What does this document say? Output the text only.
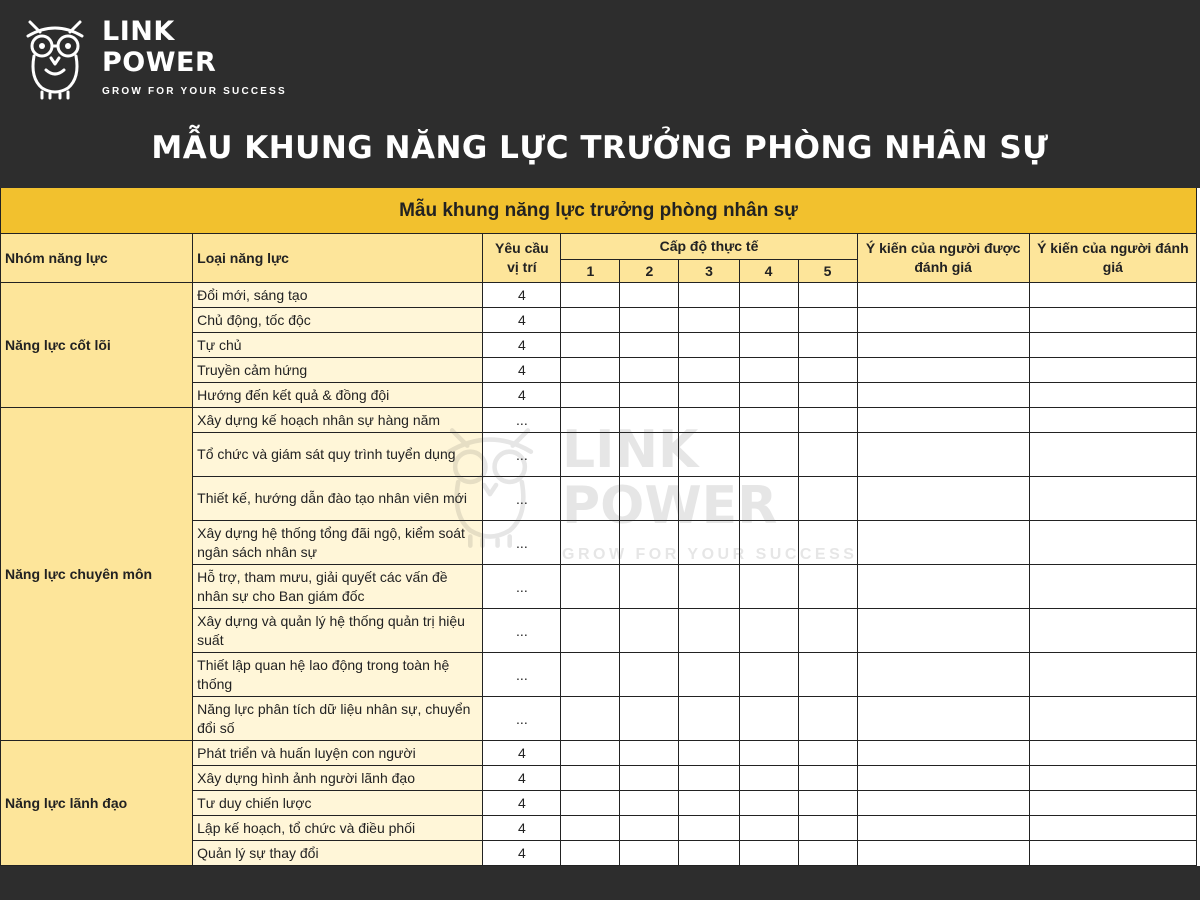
LINK
POWER
GROW FOR YOUR SUCCESS
MẪU KHUNG NĂNG LỰC TRƯỞNG PHÒNG NHÂN SỰ
Mẫu khung năng lực trưởng phòng nhân sự									
Nhóm năng lực	Loại năng lực	Yêu cầu vị trí	Cấp độ thực tế					Ý kiến của người được đánh giá	Ý kiến của người đánh giá
			1	2	3	4	5		
Năng lực cốt lõi	Đổi mới, sáng tạo	4							
	Chủ động, tốc độc	4							
	Tự chủ	4							
	Truyền cảm hứng	4							
	Hướng đến kết quả & đồng đội	4							
Năng lực chuyên môn	Xây dựng kế hoạch nhân sự hàng năm	...							
	Tổ chức và giám sát quy trình tuyển dụng	...							
	Thiết kế, hướng dẫn đào tạo nhân viên mới	...							
	Xây dựng hệ thống tổng đãi ngộ, kiểm soát ngân sách nhân sự	...							
	Hỗ trợ, tham mưu, giải quyết các vấn đề nhân sự cho Ban giám đốc	...							
	Xây dựng và quản lý hệ thống quản trị hiệu suất	...							
	Thiết lập quan hệ lao động trong toàn hệ thống	...							
	Năng lực phân tích dữ liệu nhân sự, chuyển đổi số	...							
Năng lực lãnh đạo	Phát triển và huấn luyện con người	4							
	Xây dựng hình ảnh người lãnh đạo	4							
	Tư duy chiến lược	4							
	Lập kế hoạch, tổ chức và điều phối	4							
	Quản lý sự thay đổi	4							
LINK
POWER
GROW FOR YOUR SUCCESS
